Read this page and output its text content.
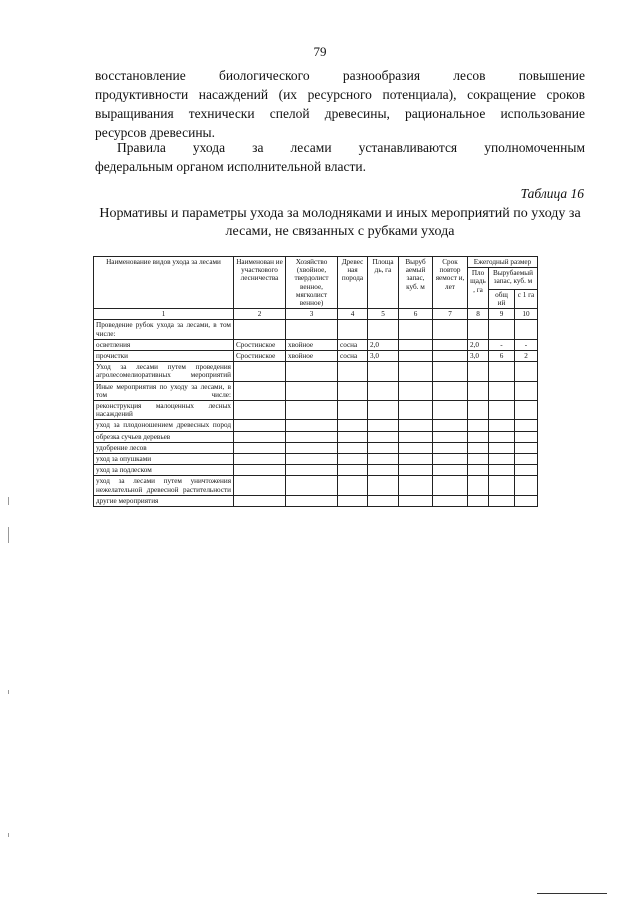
79
восстановление биологического разнообразия лесов повышение
продуктивности насаждений (их ресурсного потенциала), сокращение сроков
выращивания технически спелой древесины, рациональное использование
ресурсов древесины.
Правила ухода за лесами устанавливаются уполномоченным
федеральным органом исполнительной власти.
Таблица 16
Нормативы и параметры ухода за молодняками и иных мероприятий по уходу за лесами, не связанных с рубками ухода
Наименование видов ухода за лесами	Наименован ие участкового лесничества	Хозяйство (хвойное, твердолист венное, мягколист венное)	Древес ная порода	Площа дь, га	Выруб аемый запас, куб. м	Срок повтор яемост и, лет	Ежегодный размер		
							Пло щадь , га	Вырубаемый запас, куб. м	
								общ ий	с 1 га
1	2	3	4	5	6	7	8	9	10
Проведение рубок ухода за лесами, в том числе:									
осветления	Сростинское	хвойное	сосна	2,0			2,0	-	-
прочистки	Сростинское	хвойное	сосна	3,0			3,0	6	2
Уход за лесами путем проведения агролесомелиоративных мероприятий									
Иные мероприятия по уходу за лесами, в том числе:									
реконструкция малоценных лесных насаждений									
уход за плодоношением древесных пород									
обрезка сучьев деревьев									
удобрение лесов									
уход за опушками									
уход за подлеском									
уход за лесами путем уничтожения нежелательной древесной растительности									
другие мероприятия									
